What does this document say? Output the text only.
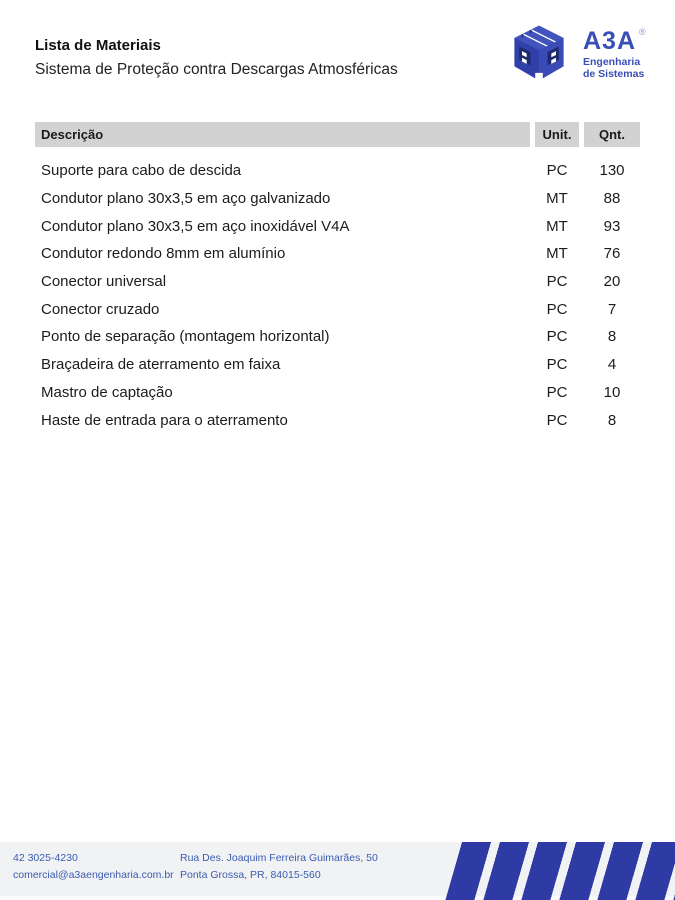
Lista de Materiais
Sistema de Proteção contra Descargas Atmosféricas
A3A ®
Engenharia
de Sistemas
Descrição	Unit.	Qnt.
Suporte para cabo de descida	PC	130
Condutor plano 30x3,5 em aço galvanizado	MT	88
Condutor plano 30x3,5 em aço inoxidável V4A	MT	93
Condutor redondo 8mm em alumínio	MT	76
Conector universal	PC	20
Conector cruzado	PC	7
Ponto de separação (montagem horizontal)	PC	8
Braçadeira de aterramento em faixa	PC	4
Mastro de captação	PC	10
Haste de entrada para o aterramento	PC	8
42 3025-4230
comercial@a3aengenharia.com.br
Rua Des. Joaquim Ferreira Guimarães, 50
Ponta Grossa, PR, 84015-560
